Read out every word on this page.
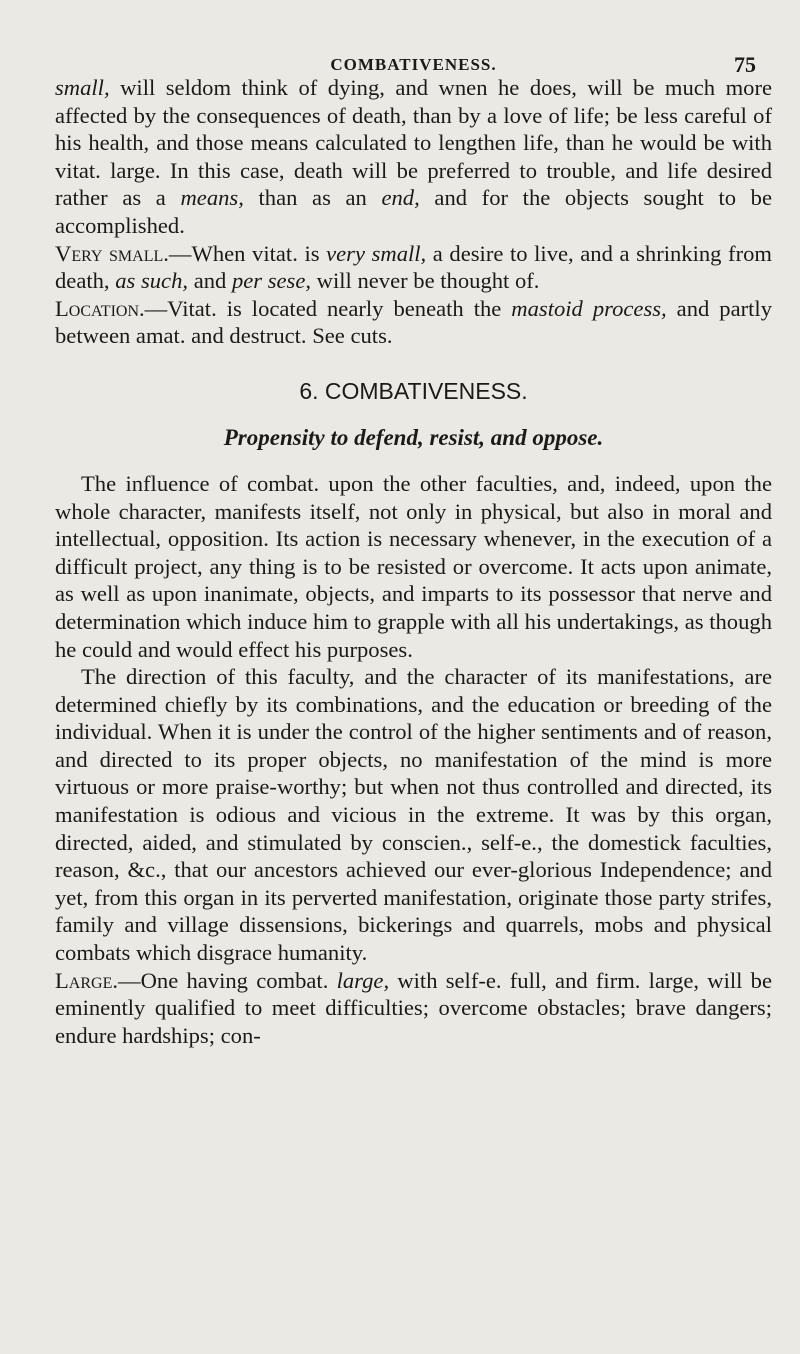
COMBATIVENESS.	75

small, will seldom think of dying, and wnen he does, will be much more affected by the consequences of death, than by a love of life; be less careful of his health, and those means calculated to lengthen life, than he would be with vitat. large. In this case, death will be preferred to trouble, and life desired rather as a means, than as an end, and for the objects sought to be accomplished.

Very small.—When vitat. is very small, a desire to live, and a shrinking from death, as such, and per sese, will never be thought of.

Location.—Vitat. is located nearly beneath the mastoid process, and partly between amat. and destruct. See cuts.

6. COMBATIVENESS.
Propensity to defend, resist, and oppose.

The influence of combat. upon the other faculties, and, indeed, upon the whole character, manifests itself, not only in physical, but also in moral and intellectual, opposition. Its action is necessary whenever, in the execution of a difficult project, any thing is to be resisted or overcome. It acts upon animate, as well as upon inanimate, objects, and imparts to its possessor that nerve and determination which induce him to grapple with all his undertakings, as though he could and would effect his purposes.

The direction of this faculty, and the character of its manifestations, are determined chiefly by its combinations, and the education or breeding of the individual. When it is under the control of the higher sentiments and of reason, and directed to its proper objects, no manifestation of the mind is more virtuous or more praise-worthy; but when not thus controlled and directed, its manifestation is odious and vicious in the extreme. It was by this organ, directed, aided, and stimulated by conscien., self-e., the domestick faculties, reason, &c., that our ancestors achieved our ever-glorious Independence; and yet, from this organ in its perverted manifestation, originate those party strifes, family and village dissensions, bickerings and quarrels, mobs and physical combats which disgrace humanity.

Large.—One having combat. large, with self-e. full, and firm. large, will be eminently qualified to meet difficulties; overcome obstacles; brave dangers; endure hardships; con-
